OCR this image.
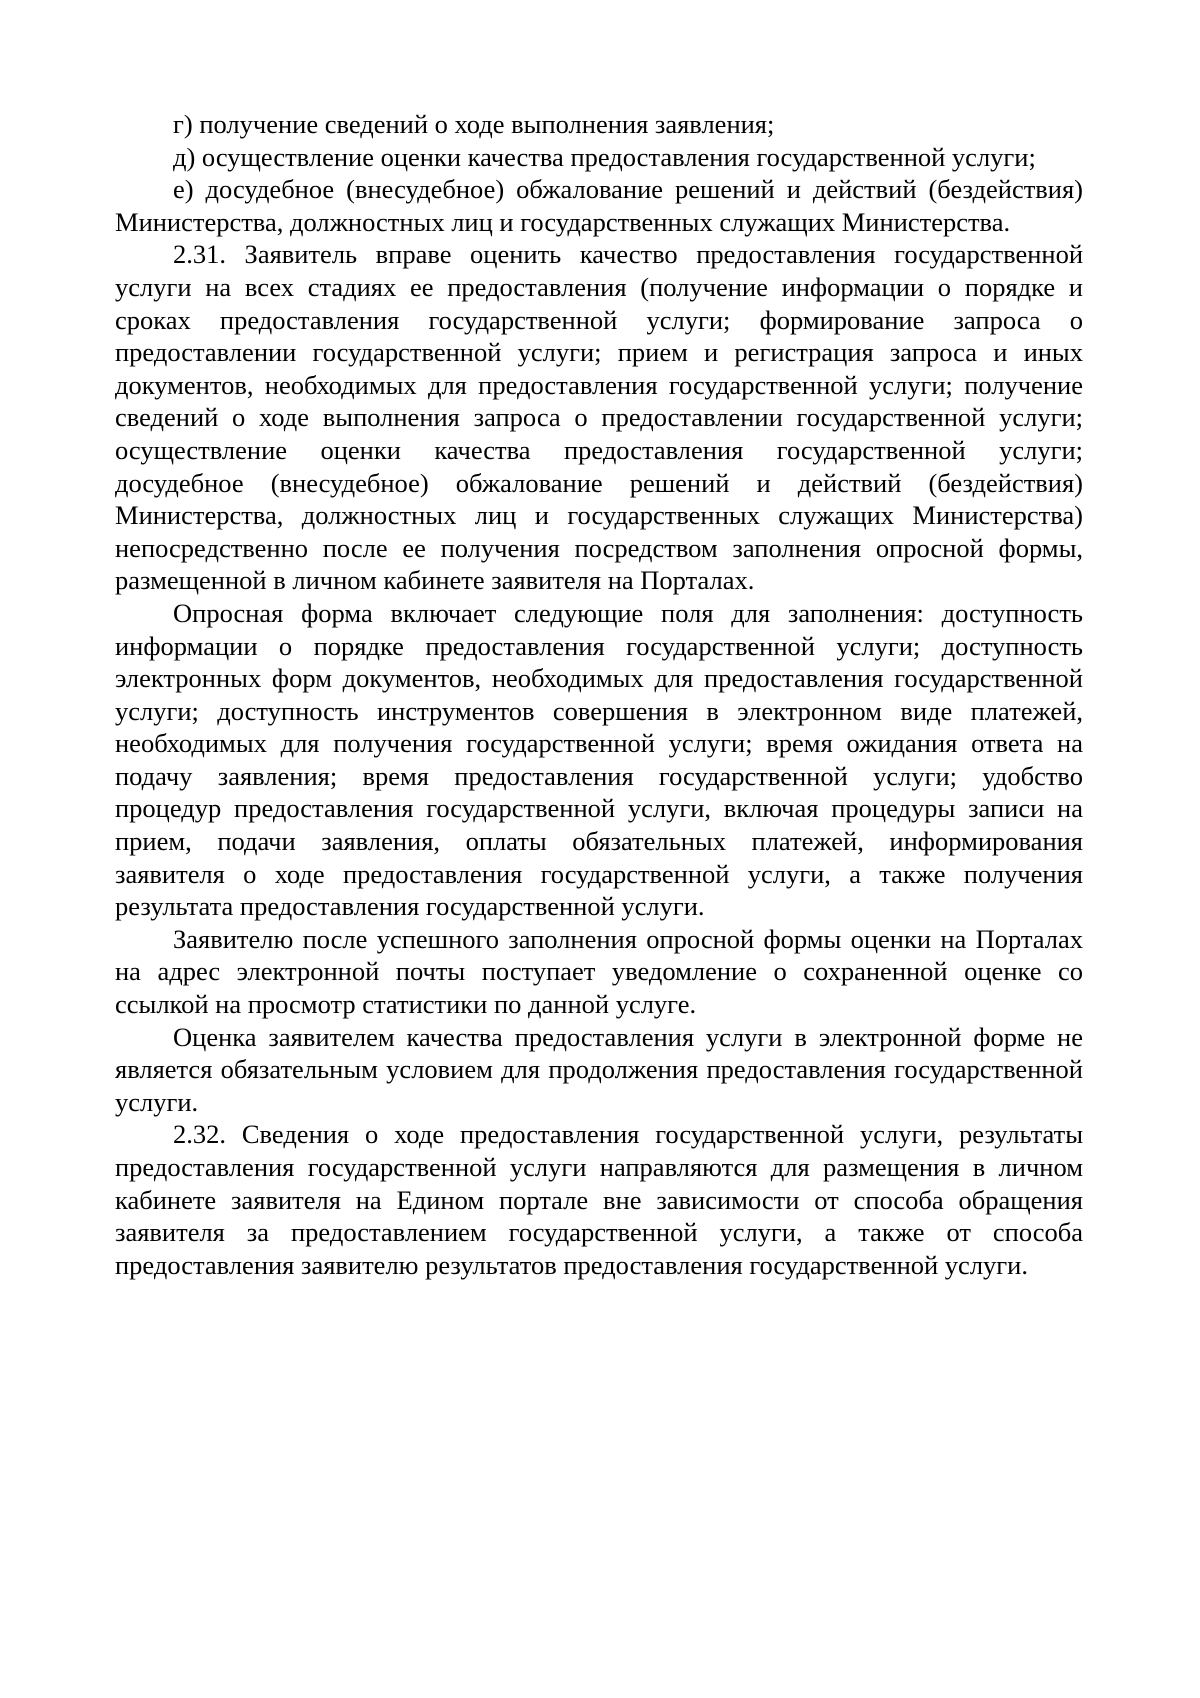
г) получение сведений о ходе выполнения заявления;

д) осуществление оценки качества предоставления государственной услуги;

е) досудебное (внесудебное) обжалование решений и действий (бездействия) Министерства, должностных лиц и государственных служащих Министерства.

2.31. Заявитель вправе оценить качество предоставления государственной услуги на всех стадиях ее предоставления (получение информации о порядке и сроках предоставления государственной услуги; формирование запроса о предоставлении государственной услуги; прием и регистрация запроса и иных документов, необходимых для предоставления государственной услуги; получение сведений о ходе выполнения запроса о предоставлении государственной услуги; осуществление оценки качества предоставления государственной услуги; досудебное (внесудебное) обжалование решений и действий (бездействия) Министерства, должностных лиц и государственных служащих Министерства) непосредственно после ее получения посредством заполнения опросной формы, размещенной в личном кабинете заявителя на Порталах.

Опросная форма включает следующие поля для заполнения: доступность информации о порядке предоставления государственной услуги; доступность электронных форм документов, необходимых для предоставления государственной услуги; доступность инструментов совершения в электронном виде платежей, необходимых для получения государственной услуги; время ожидания ответа на подачу заявления; время предоставления государственной услуги; удобство процедур предоставления государственной услуги, включая процедуры записи на прием, подачи заявления, оплаты обязательных платежей, информирования заявителя о ходе предоставления государственной услуги, а также получения результата предоставления государственной услуги.

Заявителю после успешного заполнения опросной формы оценки на Порталах на адрес электронной почты поступает уведомление о сохраненной оценке со ссылкой на просмотр статистики по данной услуге.

Оценка заявителем качества предоставления услуги в электронной форме не является обязательным условием для продолжения предоставления государственной услуги.

2.32. Сведения о ходе предоставления государственной услуги, результаты предоставления государственной услуги направляются для размещения в личном кабинете заявителя на Едином портале вне зависимости от способа обращения заявителя за предоставлением государственной услуги, а также от способа предоставления заявителю результатов предоставления государственной услуги.
